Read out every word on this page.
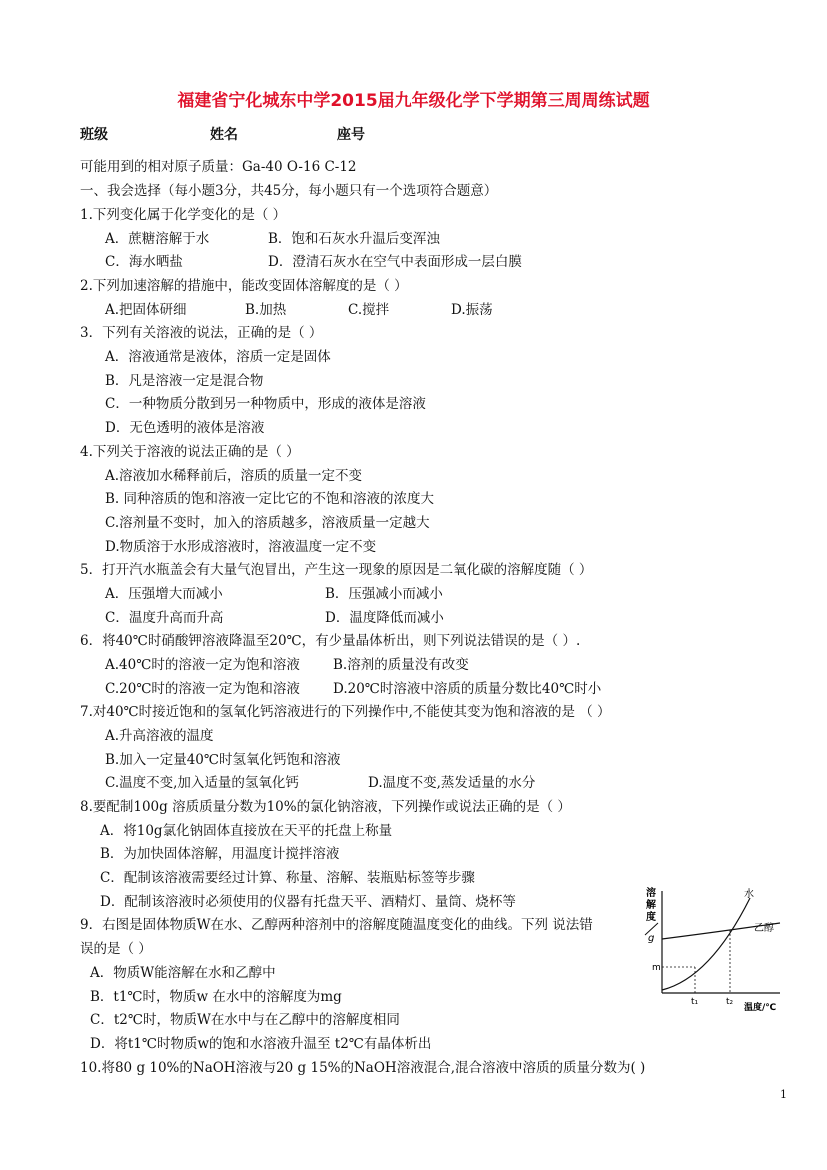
福建省宁化城东中学2015届九年级化学下学期第三周周练试题
班级	姓名	座号
可能用到的相对原子质量：Ga-40 O-16 C-12
一、我会选择（每小题3分，共45分，每小题只有一个选项符合题意）
1.下列变化属于化学变化的是（ ）
A．蔗糖溶解于水	B．饱和石灰水升温后变浑浊
C．海水晒盐	D．澄清石灰水在空气中表面形成一层白膜
2.下列加速溶解的措施中，能改变固体溶解度的是（ ）
A.把固体研细	B.加热	C.搅拌	D.振荡
3．下列有关溶液的说法，正确的是（ ）
A．溶液通常是液体，溶质一定是固体
B．凡是溶液一定是混合物
C．一种物质分散到另一种物质中，形成的液体是溶液
D．无色透明的液体是溶液
4.下列关于溶液的说法正确的是（ ）
A.溶液加水稀释前后，溶质的质量一定不变
B. 同种溶质的饱和溶液一定比它的不饱和溶液的浓度大
C.溶剂量不变时，加入的溶质越多，溶液质量一定越大
D.物质溶于水形成溶液时，溶液温度一定不变
5．打开汽水瓶盖会有大量气泡冒出，产生这一现象的原因是二氧化碳的溶解度随（ ）
A．压强增大而减小	B．压强减小而减小
C．温度升高而升高	D．温度降低而减小
6．将40℃时硝酸钾溶液降温至20℃，有少量晶体析出，则下列说法错误的是（ ）.
A.40℃时的溶液一定为饱和溶液 B.溶剂的质量没有改变
C.20℃时的溶液一定为饱和溶液 D.20℃时溶液中溶质的质量分数比40℃时小
7.对40℃时接近饱和的氢氧化钙溶液进行的下列操作中,不能使其变为饱和溶液的是 （ ）
A.升高溶液的温度
B.加入一定量40℃时氢氧化钙饱和溶液
C.温度不变,加入适量的氢氧化钙	D.温度不变,蒸发适量的水分
8.要配制100g 溶质质量分数为10%的氯化钠溶液，下列操作或说法正确的是（ ）
A．将10g氯化钠固体直接放在天平的托盘上称量
B．为加快固体溶解，用温度计搅拌溶液
C．配制该溶液需要经过计算、称量、溶解、装瓶贴标签等步骤
D．配制该溶液时必须使用的仪器有托盘天平、酒精灯、量筒、烧杯等
9．右图是固体物质W在水、乙醇两种溶剂中的溶解度随温度变化的曲线。下列 说法错
误的是（ ）
A．物质W能溶解在水和乙醇中
B．t1℃时，物质w 在水中的溶解度为mg
C．t2℃时，物质W在水中与在乙醇中的溶解度相同
D．将t1℃时物质w的饱和水溶液升温至 t2℃有晶体析出
10.将80 g 10%的NaOH溶液与20 g 15%的NaOH溶液混合,混合溶液中溶质的质量分数为( )
1
溶
解
度
g
m
t₁	t₂
水
乙醇
温度/℃
